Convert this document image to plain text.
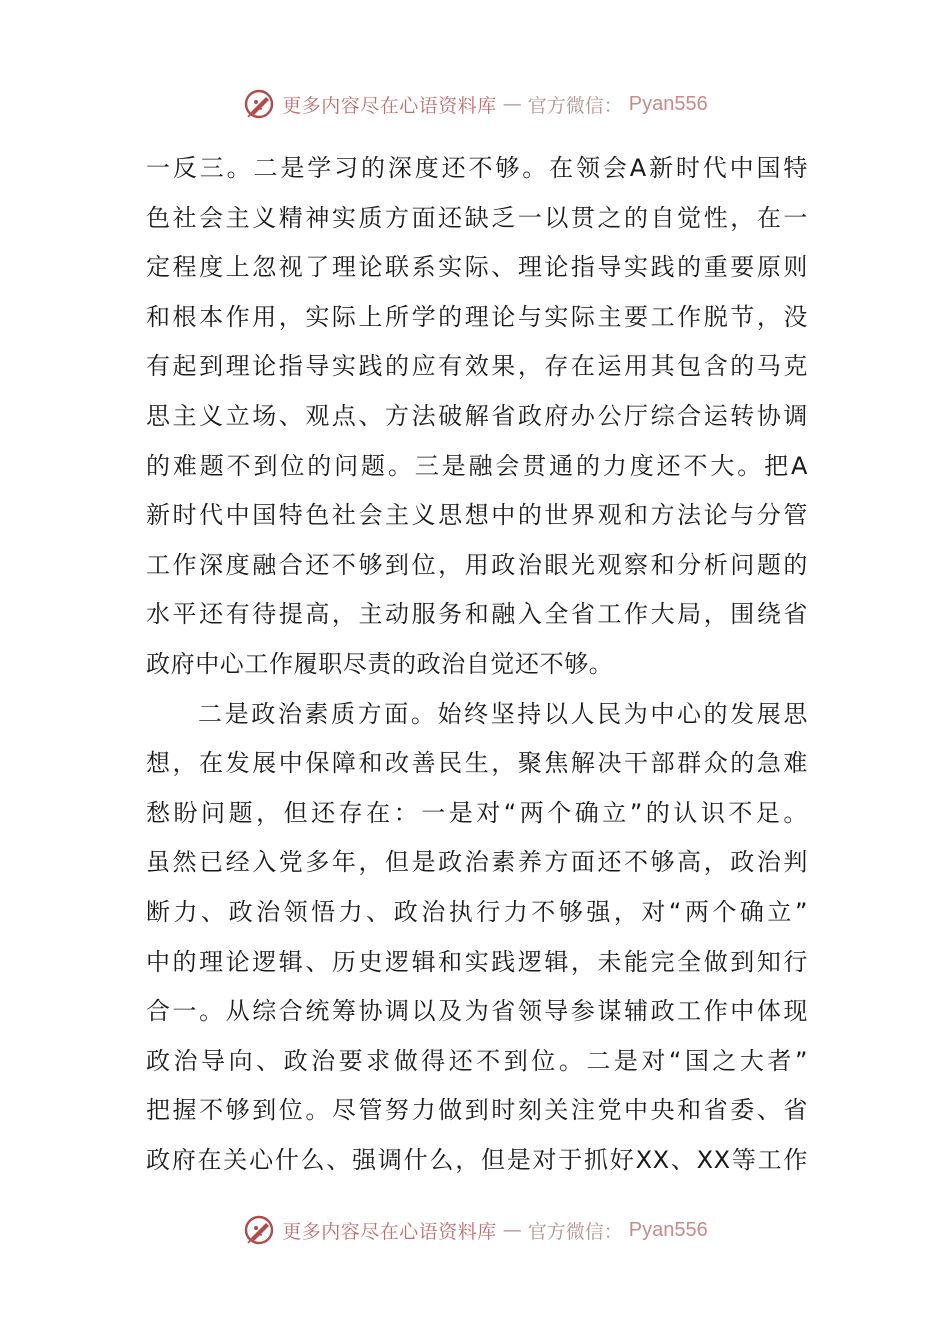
更多内容尽在心语资料库 — 官方微信： Pyan556
一反三。二是学习的深度还不够。在领会A新时代中国特
色社会主义精神实质方面还缺乏一以贯之的自觉性，在一
定程度上忽视了理论联系实际、理论指导实践的重要原则
和根本作用，实际上所学的理论与实际主要工作脱节，没
有起到理论指导实践的应有效果，存在运用其包含的马克
思主义立场、观点、方法破解省政府办公厅综合运转协调
的难题不到位的问题。三是融会贯通的力度还不大。把A
新时代中国特色社会主义思想中的世界观和方法论与分管
工作深度融合还不够到位，用政治眼光观察和分析问题的
水平还有待提高，主动服务和融入全省工作大局，围绕省
政府中心工作履职尽责的政治自觉还不够。
二是政治素质方面。始终坚持以人民为中心的发展思
想，在发展中保障和改善民生，聚焦解决干部群众的急难
愁盼问题，但还存在：一是对“两个确立”的认识不足。
虽然已经入党多年，但是政治素养方面还不够高，政治判
断力、政治领悟力、政治执行力不够强，对“两个确立”
中的理论逻辑、历史逻辑和实践逻辑，未能完全做到知行
合一。从综合统筹协调以及为省领导参谋辅政工作中体现
政治导向、政治要求做得还不到位。二是对“国之大者”
把握不够到位。尽管努力做到时刻关注党中央和省委、省
政府在关心什么、强调什么，但是对于抓好XX、XX等工作
更多内容尽在心语资料库 — 官方微信： Pyan556
